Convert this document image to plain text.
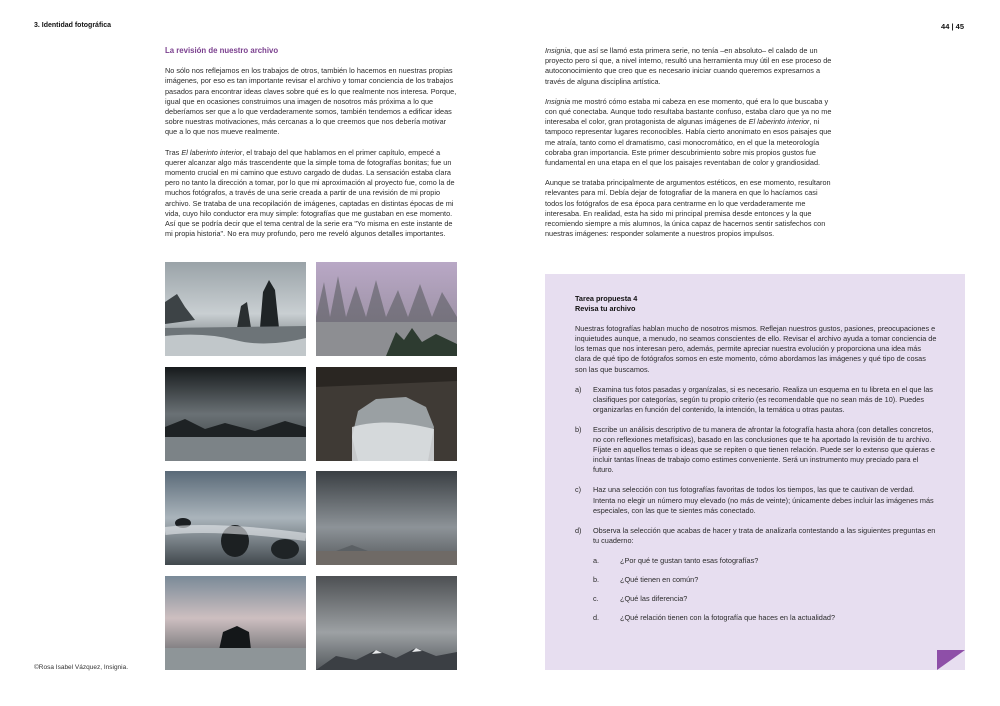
3. Identidad fotográfica	44 | 45

La revisión de nuestro archivo

No sólo nos reflejamos en los trabajos de otros, también lo hacemos en nuestras propias imágenes, por eso es tan importante revisar el archivo y tomar conciencia de los trabajos pasados para encontrar ideas claves sobre qué es lo que realmente nos interesa. Porque, igual que en ocasiones construimos una imagen de nosotros más próxima a lo que deberíamos ser que a lo que verdaderamente somos, también tendemos a edificar ideas sobre nuestras motivaciones, más cercanas a lo que creemos que nos debería motivar que a lo que nos mueve realmente.

Tras El laberinto interior, el trabajo del que hablamos en el primer capítulo, empecé a querer alcanzar algo más trascendente que la simple toma de fotografías bonitas; fue un momento crucial en mi camino que estuvo cargado de dudas. La sensación estaba clara pero no tanto la dirección a tomar, por lo que mi aproximación al proyecto fue, como la de muchos fotógrafos, a través de una serie creada a partir de una revisión de mi propio archivo. Se trataba de una recopilación de imágenes, captadas en distintas épocas de mi vida, cuyo hilo conductor era muy simple: fotografías que me gustaban en ese momento. Así que se podría decir que el tema central de la serie era "Yo misma en este instante de mi propia historia". No era muy profundo, pero me reveló algunos detalles importantes.

©Rosa Isabel Vázquez, Insignia.

Insignia, que así se llamó esta primera serie, no tenía –en absoluto– el calado de un proyecto pero sí que, a nivel interno, resultó una herramienta muy útil en ese proceso de autoconocimiento que creo que es necesario iniciar cuando queremos expresarnos a través de alguna disciplina artística.

Insignia me mostró cómo estaba mi cabeza en ese momento, qué era lo que buscaba y con qué conectaba. Aunque todo resultaba bastante confuso, estaba claro que ya no me interesaba el color, gran protagonista de algunas imágenes de El laberinto interior, ni tampoco representar lugares reconocibles. Había cierto anonimato en esos paisajes que me atraía, tanto como el dramatismo, casi monocromático, en el que la meteorología cobraba gran importancia. Este primer descubrimiento sobre mis propios gustos fue fundamental en una etapa en el que los paisajes reventaban de color y grandiosidad.

Aunque se trataba principalmente de argumentos estéticos, en ese momento, resultaron relevantes para mí. Debía dejar de fotografiar de la manera en que lo hacíamos casi todos los fotógrafos de esa época para centrarme en lo que verdaderamente me interesaba. En realidad, esta ha sido mi principal premisa desde entonces y la que recomiendo siempre a mis alumnos, la única capaz de hacernos sentir satisfechos con nuestras imágenes: responder solamente a nuestros propios impulsos.

Tarea propuesta 4
Revisa tu archivo
Nuestras fotografías hablan mucho de nosotros mismos. Reflejan nuestros gustos, pasiones, preocupaciones e inquietudes aunque, a menudo, no seamos conscientes de ello. Revisar el archivo ayuda a tomar conciencia de los temas que nos interesan pero, además, permite apreciar nuestra evolución y proporciona una idea más clara de qué tipo de fotógrafos somos en este momento, cómo abordamos las imágenes y qué tipo de cosas son las que buscamos.
a) Examina tus fotos pasadas y organízalas, si es necesario. Realiza un esquema en tu libreta en el que las clasifiques por categorías, según tu propio criterio (es recomendable que no sean más de 10). Puedes organizarlas en función del contenido, la intención, la temática u otras pautas.
b) Escribe un análisis descriptivo de tu manera de afrontar la fotografía hasta ahora (con detalles concretos, no con reflexiones metafísicas), basado en las conclusiones que te ha aportado la revisión de tu archivo. Fíjate en aquellos temas o ideas que se repiten o que tienen relación. Puede ser lo extenso que quieras e incluir tantas líneas de trabajo como estimes conveniente. Será un instrumento muy preciado para el futuro.
c) Haz una selección con tus fotografías favoritas de todos los tiempos, las que te cautivan de verdad. Intenta no elegir un número muy elevado (no más de veinte); únicamente debes incluir las imágenes más especiales, con las que te sientes más conectado.
d) Observa la selección que acabas de hacer y trata de analizarla contestando a las siguientes preguntas en tu cuaderno:
a.	¿Por qué te gustan tanto esas fotografías?
b.	¿Qué tienen en común?
c.	¿Qué las diferencia?
d.	¿Qué relación tienen con la fotografía que haces en la actualidad?
